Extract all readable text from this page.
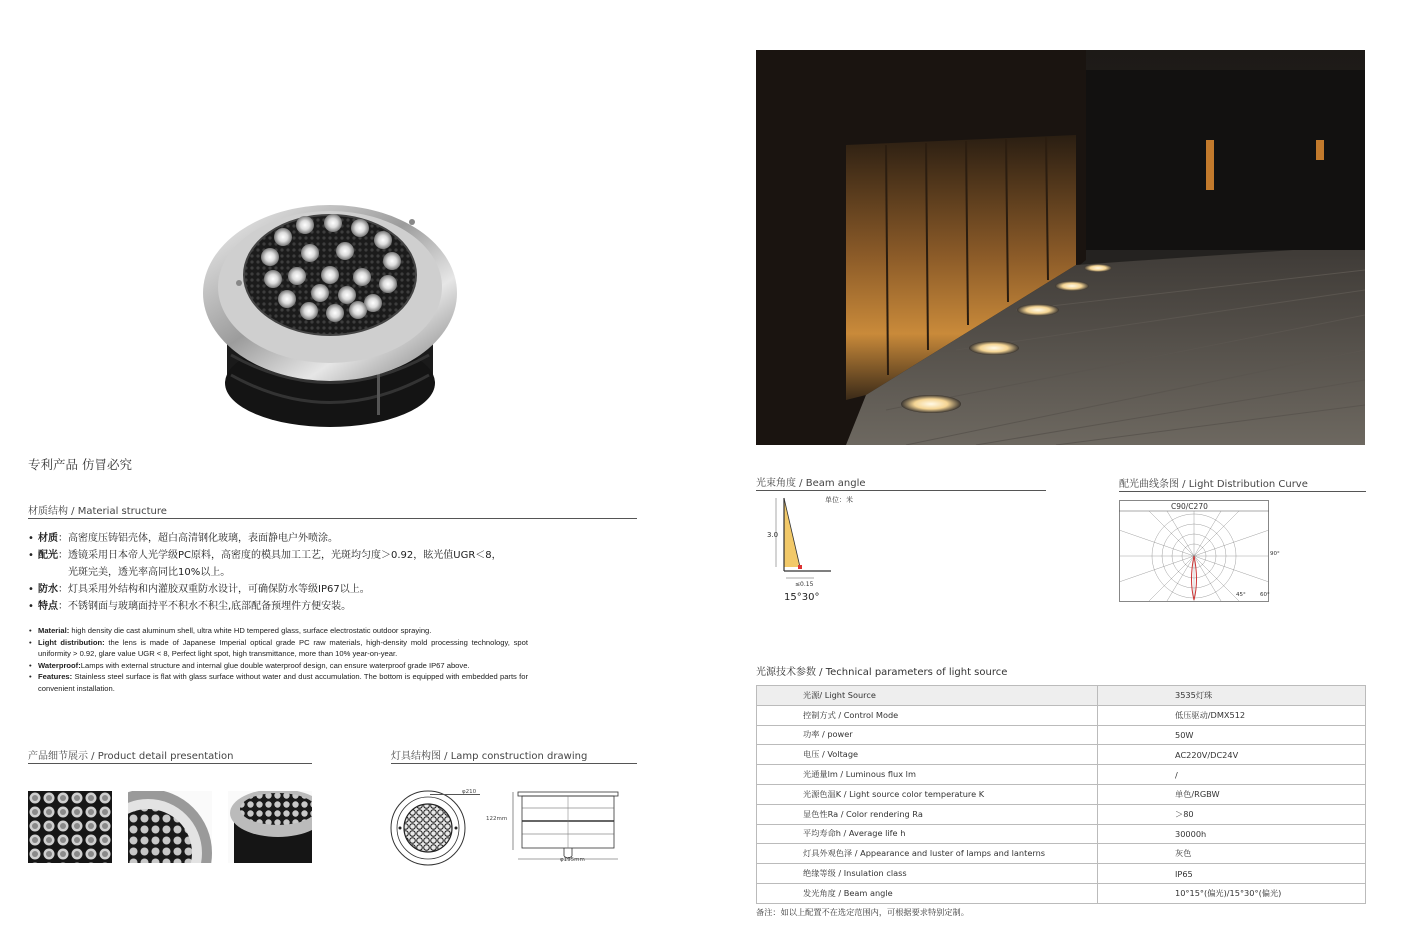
专利产品 仿冒必究
材质结构 / Material structure
• 材质：高密度压铸铝壳体，超白高清钢化玻璃，表面静电户外喷涂。
• 配光：透镜采用日本帝人光学级PC原料，高密度的模具加工工艺，光斑均匀度＞0.92，眩光值UGR＜8，
光斑完美，透光率高同比10%以上。
• 防水：灯具采用外结构和内灌胶双重防水设计，可确保防水等级IP67以上。
• 特点：不锈钢面与玻璃面持平不积水不积尘,底部配备预埋件方便安装。
• Material: high density die cast aluminum shell, ultra white HD tempered glass, surface electrostatic outdoor spraying.
• Light distribution: the lens is made of Japanese Imperial optical grade PC raw materials, high-density mold processing technology, spot uniformity > 0.92, glare value UGR < 8, Perfect light spot, high transmittance, more than 10% year-on-year.
• Waterproof:Lamps with external structure and internal glue double waterproof design, can ensure waterproof grade IP67 above.
• Features: Stainless steel surface is flat with glass surface without water and dust accumulation. The bottom is equipped with embedded parts for convenient installation.
产品细节展示 / Product detail presentation	灯具结构图 / Lamp construction drawing
φ210
122mm
φ195mm
光束角度 / Beam angle
单位：米
3.0
≤0.15
15°30°
配光曲线条图 / Light Distribution Curve
C90/C270
90°
45°	60°
光源技术参数 / Technical parameters of light source
光源/ Light Source	3535灯珠
控制方式 / Control Mode	低压驱动/DMX512
功率 / power	50W
电压 / Voltage	AC220V/DC24V
光通量lm / Luminous flux lm	/
光源色温K / Light source color temperature K	单色/RGBW
显色性Ra / Color rendering Ra	＞80
平均寿命h / Average life h	30000h
灯具外观色泽 / Appearance and luster of lamps and lanterns	灰色
绝缘等级 / Insulation class	IP65
发光角度 / Beam angle	10°15°(偏光)/15°30°(偏光)
备注：如以上配置不在选定范围内，可根据要求特别定制。
